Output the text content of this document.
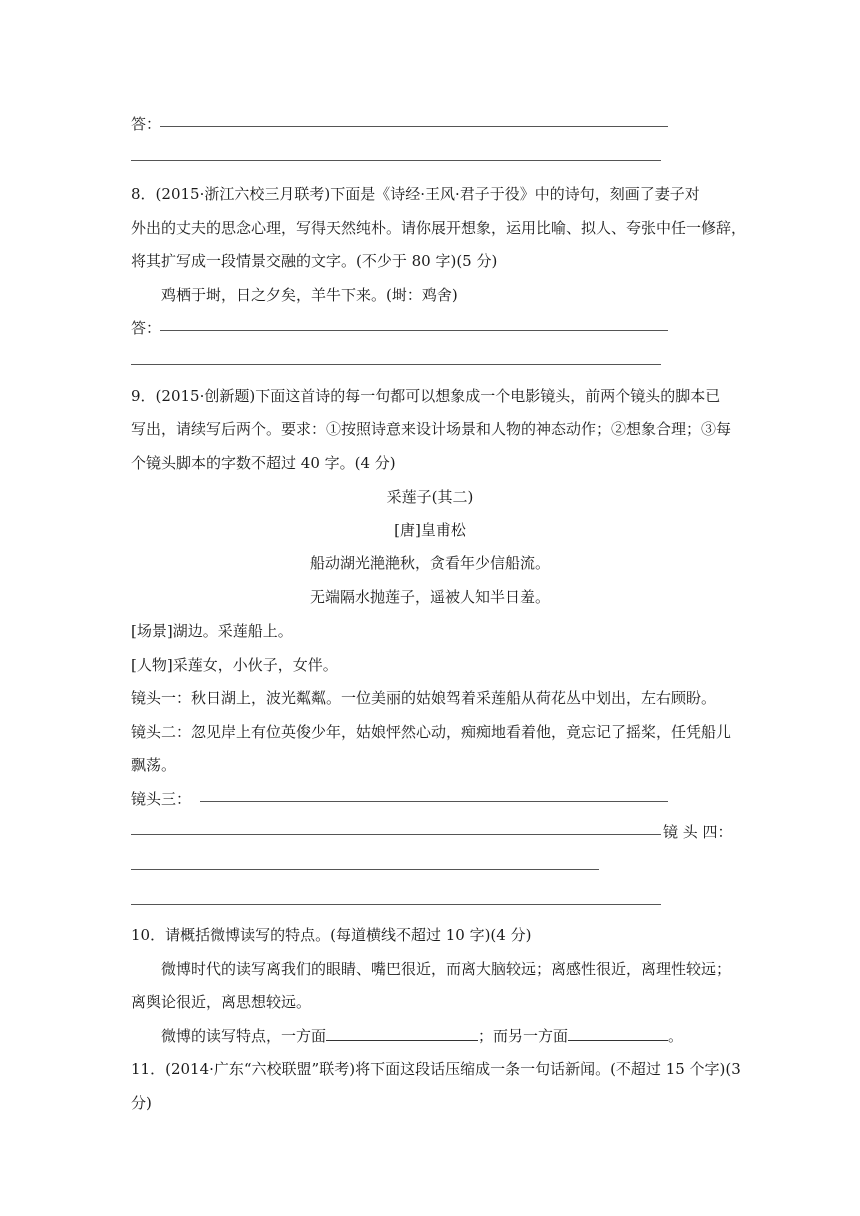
答：
8．(2015·浙江六校三月联考)下面是《诗经·王风·君子于役》中的诗句，刻画了妻子对
外出的丈夫的思念心理，写得天然纯朴。请你展开想象，运用比喻、拟人、夸张中任一修辞，
将其扩写成一段情景交融的文字。(不少于 80 字)(5 分)
鸡栖于埘，日之夕矣，羊牛下来。(埘：鸡舍)
答：
9．(2015·创新题)下面这首诗的每一句都可以想象成一个电影镜头，前两个镜头的脚本已
写出，请续写后两个。要求：①按照诗意来设计场景和人物的神态动作；②想象合理；③每
个镜头脚本的字数不超过 40 字。(4 分)
采莲子(其二)
[唐]皇甫松
船动湖光滟滟秋，贪看年少信船流。
无端隔水抛莲子，遥被人知半日羞。
[场景]湖边。采莲船上。
[人物]采莲女，小伙子，女伴。
镜头一：秋日湖上，波光粼粼。一位美丽的姑娘驾着采莲船从荷花丛中划出，左右顾盼。
镜头二：忽见岸上有位英俊少年，姑娘怦然心动，痴痴地看着他，竟忘记了摇桨，任凭船儿
飘荡。
镜头三：
镜 头 四：
10．请概括微博读写的特点。(每道横线不超过 10 字)(4 分)
微博时代的读写离我们的眼睛、嘴巴很近，而离大脑较远；离感性很近，离理性较远；
离舆论很近，离思想较远。
微博的读写特点，一方面	；而另一方面	。
11．(2014·广东“六校联盟”联考)将下面这段话压缩成一条一句话新闻。(不超过 15 个字)(3
分)
